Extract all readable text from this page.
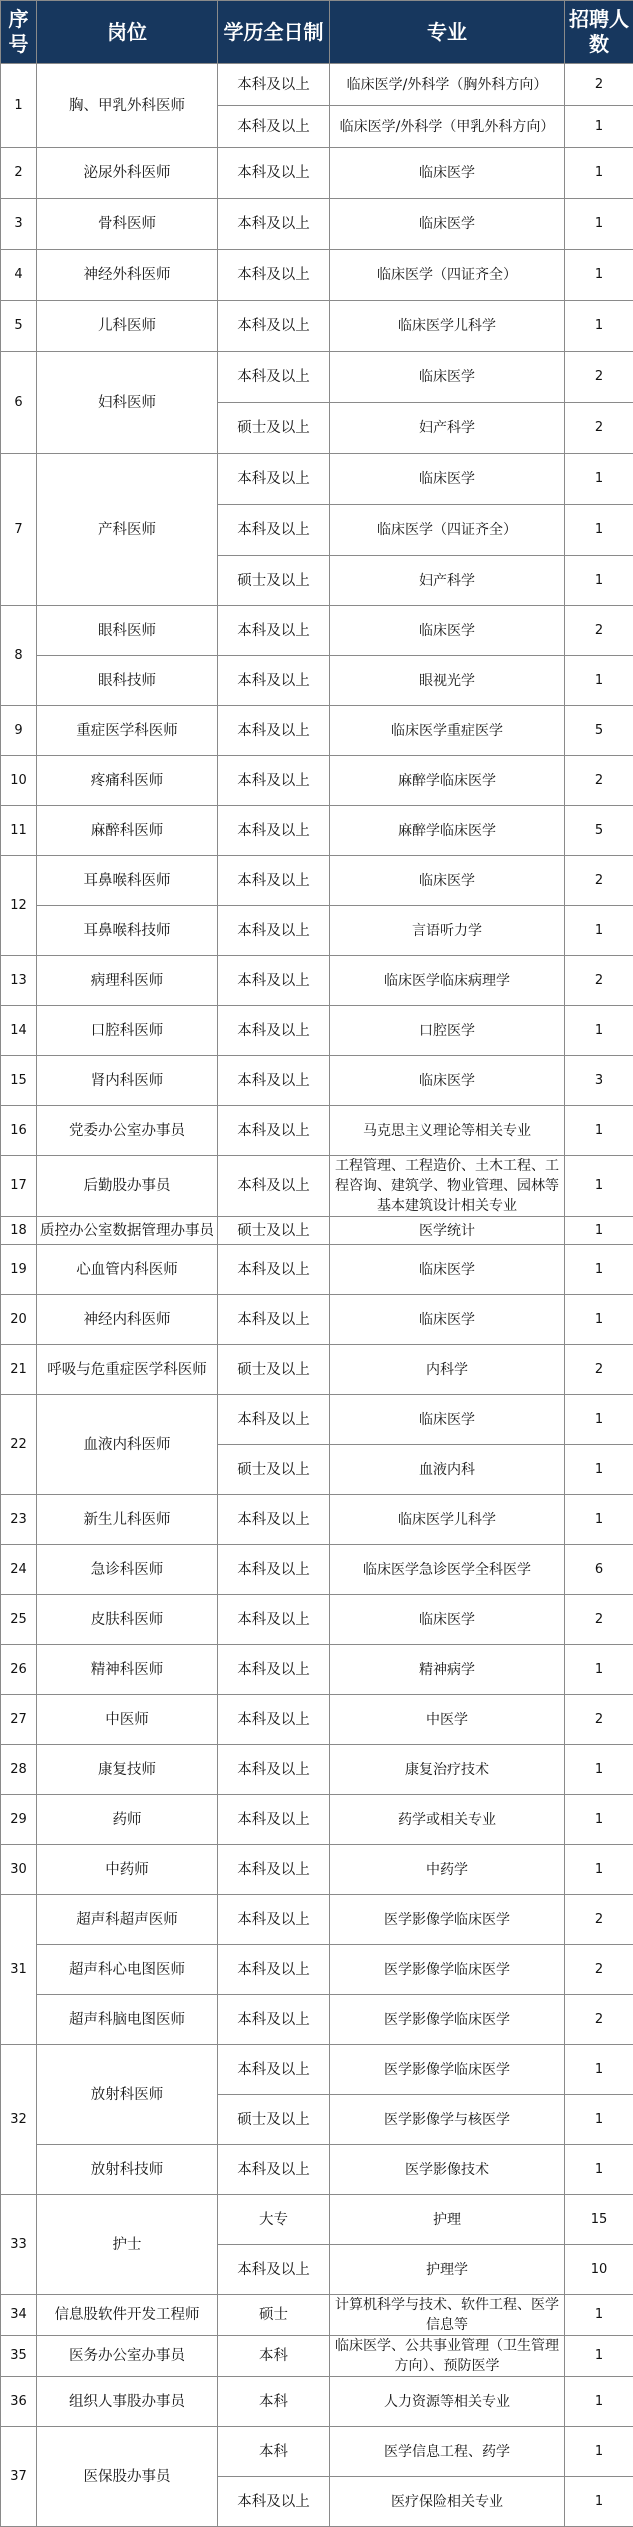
序号	岗位	学历全日制	专业	招聘人数
1	胸、甲乳外科医师	本科及以上	临床医学/外科学（胸外科方向）	2
		本科及以上	临床医学/外科学（甲乳外科方向）	1
2	泌尿外科医师	本科及以上	临床医学	1
3	骨科医师	本科及以上	临床医学	1
4	神经外科医师	本科及以上	临床医学（四证齐全）	1
5	儿科医师	本科及以上	临床医学儿科学	1
6	妇科医师	本科及以上	临床医学	2
		硕士及以上	妇产科学	2
7	产科医师	本科及以上	临床医学	1
		本科及以上	临床医学（四证齐全）	1
		硕士及以上	妇产科学	1
8	眼科医师	本科及以上	临床医学	2
	眼科技师	本科及以上	眼视光学	1
9	重症医学科医师	本科及以上	临床医学重症医学	5
10	疼痛科医师	本科及以上	麻醉学临床医学	2
11	麻醉科医师	本科及以上	麻醉学临床医学	5
12	耳鼻喉科医师	本科及以上	临床医学	2
	耳鼻喉科技师	本科及以上	言语听力学	1
13	病理科医师	本科及以上	临床医学临床病理学	2
14	口腔科医师	本科及以上	口腔医学	1
15	肾内科医师	本科及以上	临床医学	3
16	党委办公室办事员	本科及以上	马克思主义理论等相关专业	1
17	后勤股办事员	本科及以上	工程管理、工程造价、土木工程、工程咨询、建筑学、物业管理、园林等基本建筑设计相关专业	1
18	质控办公室数据管理办事员	硕士及以上	医学统计	1
19	心血管内科医师	本科及以上	临床医学	1
20	神经内科医师	本科及以上	临床医学	1
21	呼吸与危重症医学科医师	硕士及以上	内科学	2
22	血液内科医师	本科及以上	临床医学	1
		硕士及以上	血液内科	1
23	新生儿科医师	本科及以上	临床医学儿科学	1
24	急诊科医师	本科及以上	临床医学急诊医学全科医学	6
25	皮肤科医师	本科及以上	临床医学	2
26	精神科医师	本科及以上	精神病学	1
27	中医师	本科及以上	中医学	2
28	康复技师	本科及以上	康复治疗技术	1
29	药师	本科及以上	药学或相关专业	1
30	中药师	本科及以上	中药学	1
31	超声科超声医师	本科及以上	医学影像学临床医学	2
	超声科心电图医师	本科及以上	医学影像学临床医学	2
	超声科脑电图医师	本科及以上	医学影像学临床医学	2
32	放射科医师	本科及以上	医学影像学临床医学	1
		硕士及以上	医学影像学与核医学	1
	放射科技师	本科及以上	医学影像技术	1
33	护士	大专	护理	15
		本科及以上	护理学	10
34	信息股软件开发工程师	硕士	计算机科学与技术、软件工程、医学信息等	1
35	医务办公室办事员	本科	临床医学、公共事业管理（卫生管理方向）、预防医学	1
36	组织人事股办事员	本科	人力资源等相关专业	1
37	医保股办事员	本科	医学信息工程、药学	1
		本科及以上	医疗保险相关专业	1
